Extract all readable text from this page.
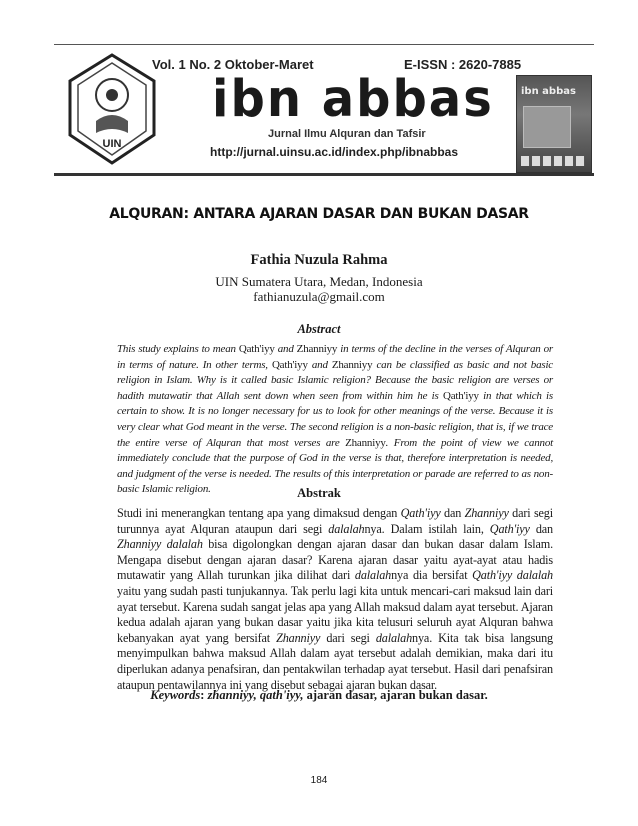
UIN
Vol. 1 No. 2 Oktober-Maret	E-ISSN : 2620-7885
ibn abbas
Jurnal Ilmu Alquran dan Tafsir
http://jurnal.uinsu.ac.id/index.php/ibnabbas
ibn abbas
ALQURAN: ANTARA AJARAN DASAR DAN BUKAN DASAR
Fathia Nuzula Rahma
UIN Sumatera Utara, Medan, Indonesia
fathianuzula@gmail.com
Abstract
This study explains to mean Qath'iyy and Zhanniyy in terms of the decline in the verses of Alquran or in terms of nature. In other terms, Qath'iyy and Zhanniyy can be classified as basic and not basic religion in Islam. Why is it called basic Islamic religion? Because the basic religion are verses or hadith mutawatir that Allah sent down when seen from within him he is Qath'iyy in that which is certain to show. It is no longer necessary for us to look for other meanings of the verse. Because it is very clear what God meant in the verse. The second religion is a non-basic religion, that is, if we trace the entire verse of Alquran that most verses are Zhanniyy. From the point of view we cannot immediately conclude that the purpose of God in the verse is that, therefore interpretation is needed, and judgment of the verse is needed. The results of this interpretation or parade are referred to as non-basic Islamic religion.	Abstrak
Studi ini menerangkan tentang apa yang dimaksud dengan Qath'iyy dan Zhanniyy dari segi turunnya ayat Alquran ataupun dari segi dalalahnya. Dalam istilah lain, Qath'iyy dan Zhanniyy dalalah bisa digolongkan dengan ajaran dasar dan bukan dasar dalam Islam. Mengapa disebut dengan ajaran dasar? Karena ajaran dasar yaitu ayat-ayat atau hadis mutawatir yang Allah turunkan jika dilihat dari dalalahnya dia bersifat Qath'iyy dalalah yaitu yang sudah pasti tunjukannya. Tak perlu lagi kita untuk mencari-cari maksud lain dari ayat tersebut. Karena sudah sangat jelas apa yang Allah maksud dalam ayat tersebut. Ajaran kedua adalah ajaran yang bukan dasar yaitu jika kita telusuri seluruh ayat Alquran bahwa kebanyakan ayat yang bersifat Zhanniyy dari segi dalalahnya. Kita tak bisa langsung menyimpulkan bahwa maksud Allah dalam ayat tersebut adalah demikian, maka dari itu diperlukan adanya penafsiran, dan pentakwilan terhadap ayat tersebut. Hasil dari penafsiran ataupun pentawilannya ini yang disebut sebagai ajaran bukan dasar.
Keywords: zhanniyy, qath'iyy, ajaran dasar, ajaran bukan dasar.
184
